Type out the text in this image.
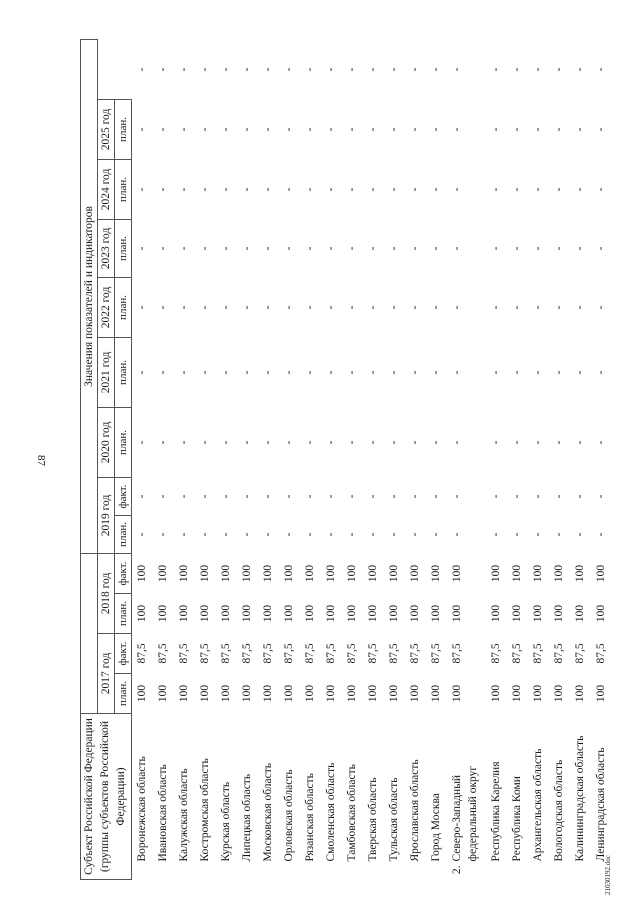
87
21030192.doc
Субъект Российской Федерации (группы субъектов Российской Федерации)						Значения показателей и индикаторов								
		2017 год		2018 год		2019 год		2020 год	2021 год	2022 год	2023 год	2024 год	2025 год	
		план.	факт.	план.	факт.	план.	факт.	план.	план.	план.	план.	план.	план.	
	Воронежская область	100	87,5	100	100	-	-	-	-	-	-	-	-	-
	Ивановская область	100	87,5	100	100	-	-	-	-	-	-	-	-	-
	Калужская область	100	87,5	100	100	-	-	-	-	-	-	-	-	-
	Костромская область	100	87,5	100	100	-	-	-	-	-	-	-	-	-
	Курская область	100	87,5	100	100	-	-	-	-	-	-	-	-	-
	Липецкая область	100	87,5	100	100	-	-	-	-	-	-	-	-	-
	Московская область	100	87,5	100	100	-	-	-	-	-	-	-	-	-
	Орловская область	100	87,5	100	100	-	-	-	-	-	-	-	-	-
	Рязанская область	100	87,5	100	100	-	-	-	-	-	-	-	-	-
	Смоленская область	100	87,5	100	100	-	-	-	-	-	-	-	-	-
	Тамбовская область	100	87,5	100	100	-	-	-	-	-	-	-	-	-
	Тверская область	100	87,5	100	100	-	-	-	-	-	-	-	-	-
	Тульская область	100	87,5	100	100	-	-	-	-	-	-	-	-	-
	Ярославская область	100	87,5	100	100	-	-	-	-	-	-	-	-	-
	Город Москва	100	87,5	100	100	-	-	-	-	-	-	-	-	-
2.	Северо-Западный федеральный округ	100	87,5	100	100	-	-	-	-	-	-	-	-	-
	Республика Карелия	100	87,5	100	100	-	-	-	-	-	-	-	-	-
	Республика Коми	100	87,5	100	100	-	-	-	-	-	-	-	-	-
	Архангельская область	100	87,5	100	100	-	-	-	-	-	-	-	-	-
	Вологодская область	100	87,5	100	100	-	-	-	-	-	-	-	-	-
	Калининградская область	100	87,5	100	100	-	-	-	-	-	-	-	-	-
	Ленинградская область	100	87,5	100	100	-	-	-	-	-	-	-	-	-
